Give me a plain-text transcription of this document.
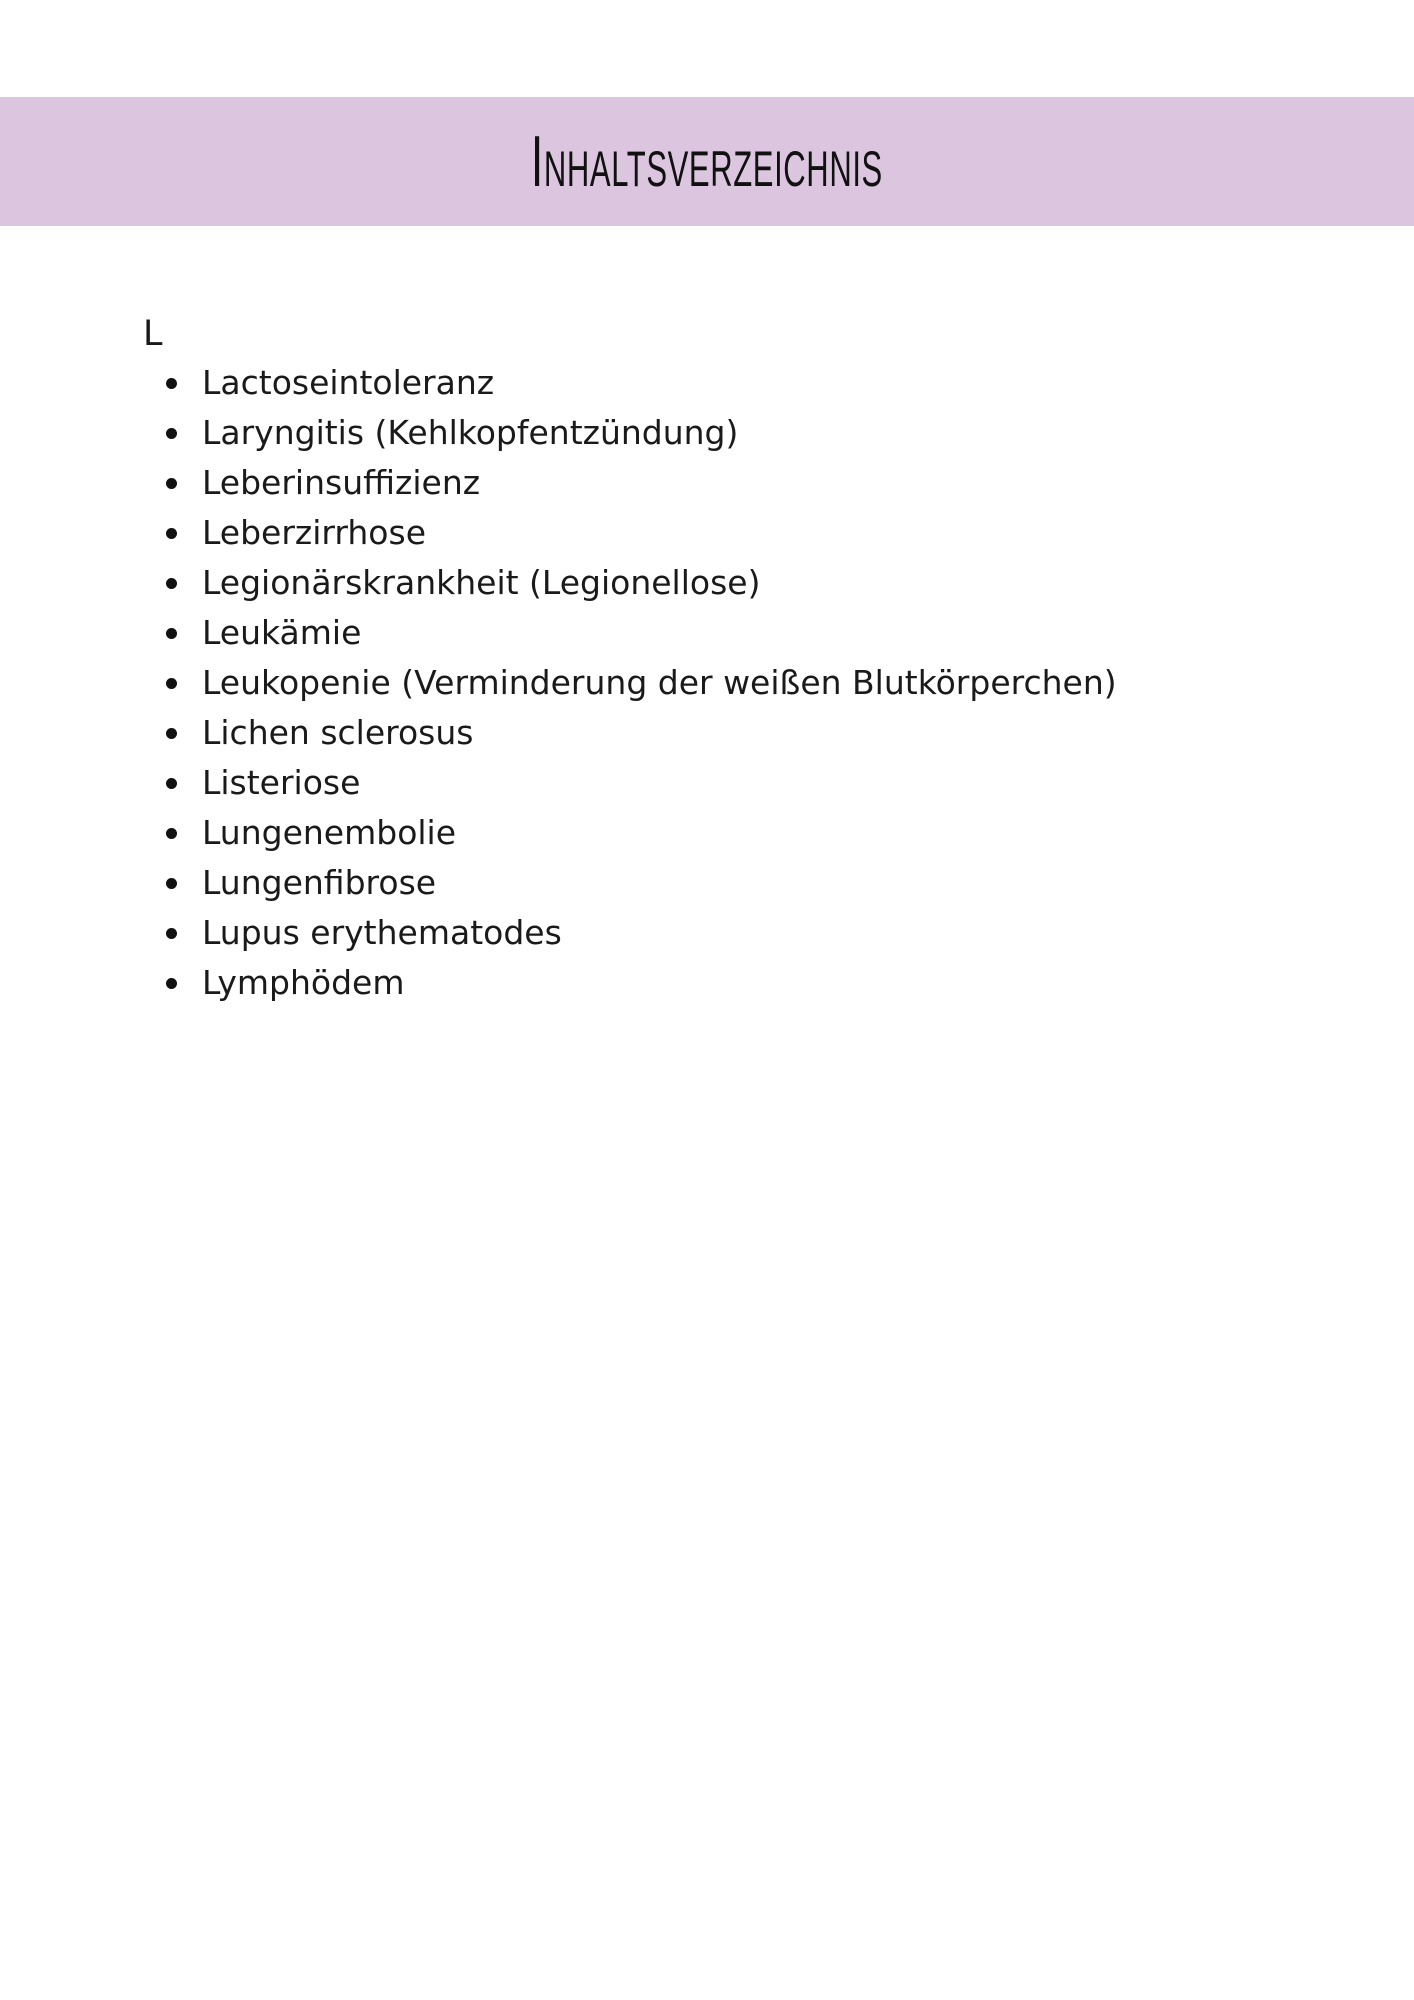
Inhaltsverzeichnis

L

Lactoseintoleranz
Laryngitis (Kehlkopfentzündung)
Leberinsuffizienz
Leberzirrhose
Legionärskrankheit (Legionellose)
Leukämie
Leukopenie (Verminderung der weißen Blutkörperchen)
Lichen sclerosus
Listeriose
Lungenembolie
Lungenfibrose
Lupus erythematodes
Lymphödem
